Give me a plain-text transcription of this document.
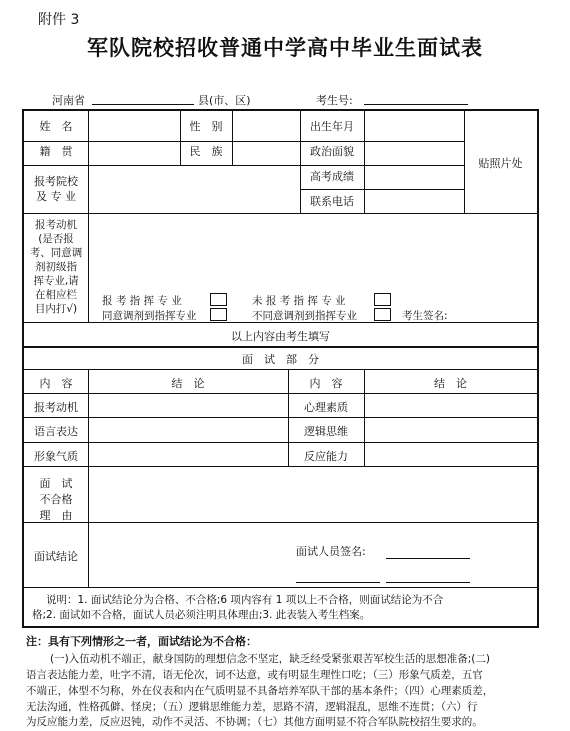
附件 3
军队院校招收普通中学高中毕业生面试表
河南省	县(市、区)	考生号:
姓　名	性　别	出生年月
贴照片处
籍　贯	民　族	政治面貌
报考院校
及 专 业
高考成绩
联系电话
报考动机
(是否报
考、同意调
剂初级指
挥专业,请
在相应栏
目内打√)
报 考 指 挥 专 业
同意调剂到指挥专业
未 报 考 指 挥 专 业
不同意调剂到指挥专业	考生签名:
以上内容由考生填写
面　试　部　分
内　容	结　论	内　容	结　论
报考动机	心理素质
语言表达	逻辑思维
形象气质	反应能力
面　试
不合格
理　由
面试结论	面试人员签名:
说明：1. 面试结论分为合格、不合格;6 项内容有 1 项以上不合格，则面试结论为不合
格;2. 面试如不合格，面试人员必须注明具体理由;3. 此表装入考生档案。
注：具有下列情形之一者，面试结论为不合格：
(一)入伍动机不端正，献身国防的理想信念不坚定，缺乏经受紧张艰苦军校生活的思想准备;(二)
语言表达能力差，吐字不清，语无伦次，词不达意，或有明显生理性口吃；（三）形象气质差，五官
不端正，体型不匀称，外在仪表和内在气质明显不具备培养军队干部的基本条件；（四）心理素质差，
无法沟通，性格孤僻、怪戾；（五）逻辑思维能力差，思路不清，逻辑混乱，思维不连贯；（六）行
为反应能力差，反应迟钝，动作不灵活、不协调；（七）其他方面明显不符合军队院校招生要求的。
